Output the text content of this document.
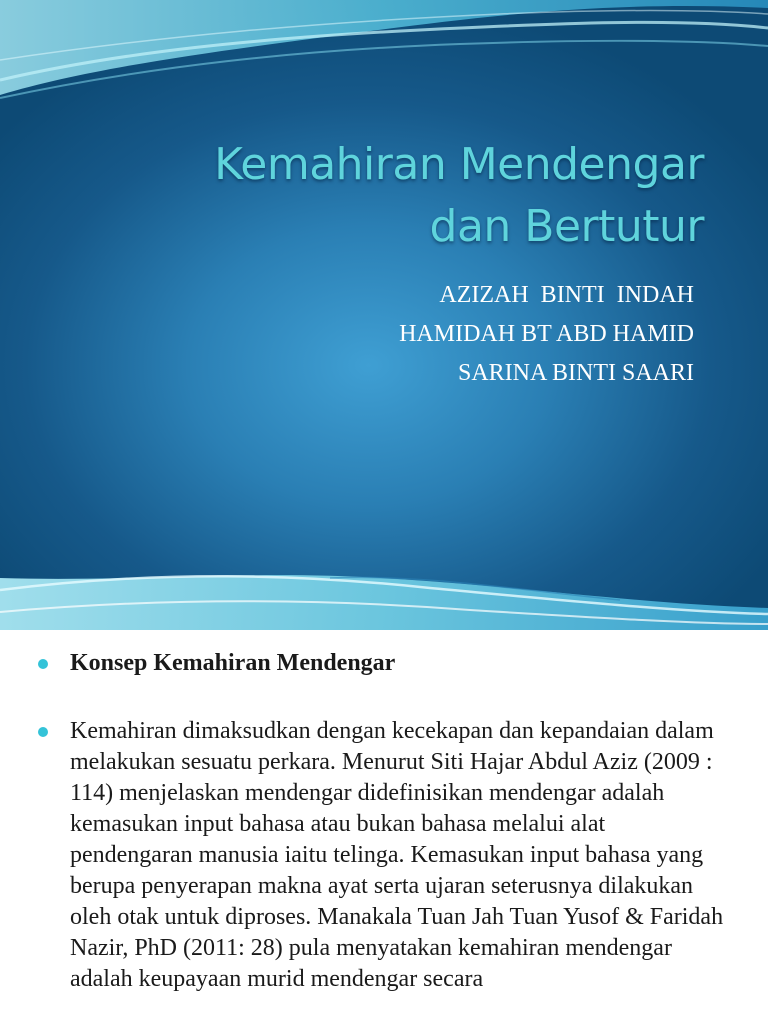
Kemahiran Mendengar
dan Bertutur
AZIZAH  BINTI  INDAH
HAMIDAH BT ABD HAMID
SARINA BINTI SAARI
Konsep Kemahiran Mendengar
Kemahiran dimaksudkan dengan kecekapan dan kepandaian dalam melakukan sesuatu perkara. Menurut Siti Hajar Abdul Aziz (2009 : 114) menjelaskan mendengar didefinisikan mendengar adalah kemasukan input bahasa atau bukan bahasa melalui alat pendengaran manusia iaitu telinga. Kemasukan input bahasa yang berupa penyerapan makna ayat serta ujaran seterusnya dilakukan oleh otak untuk diproses. Manakala Tuan Jah Tuan Yusof & Faridah Nazir, PhD (2011: 28) pula menyatakan kemahiran mendengar adalah keupayaan murid mendengar secara
